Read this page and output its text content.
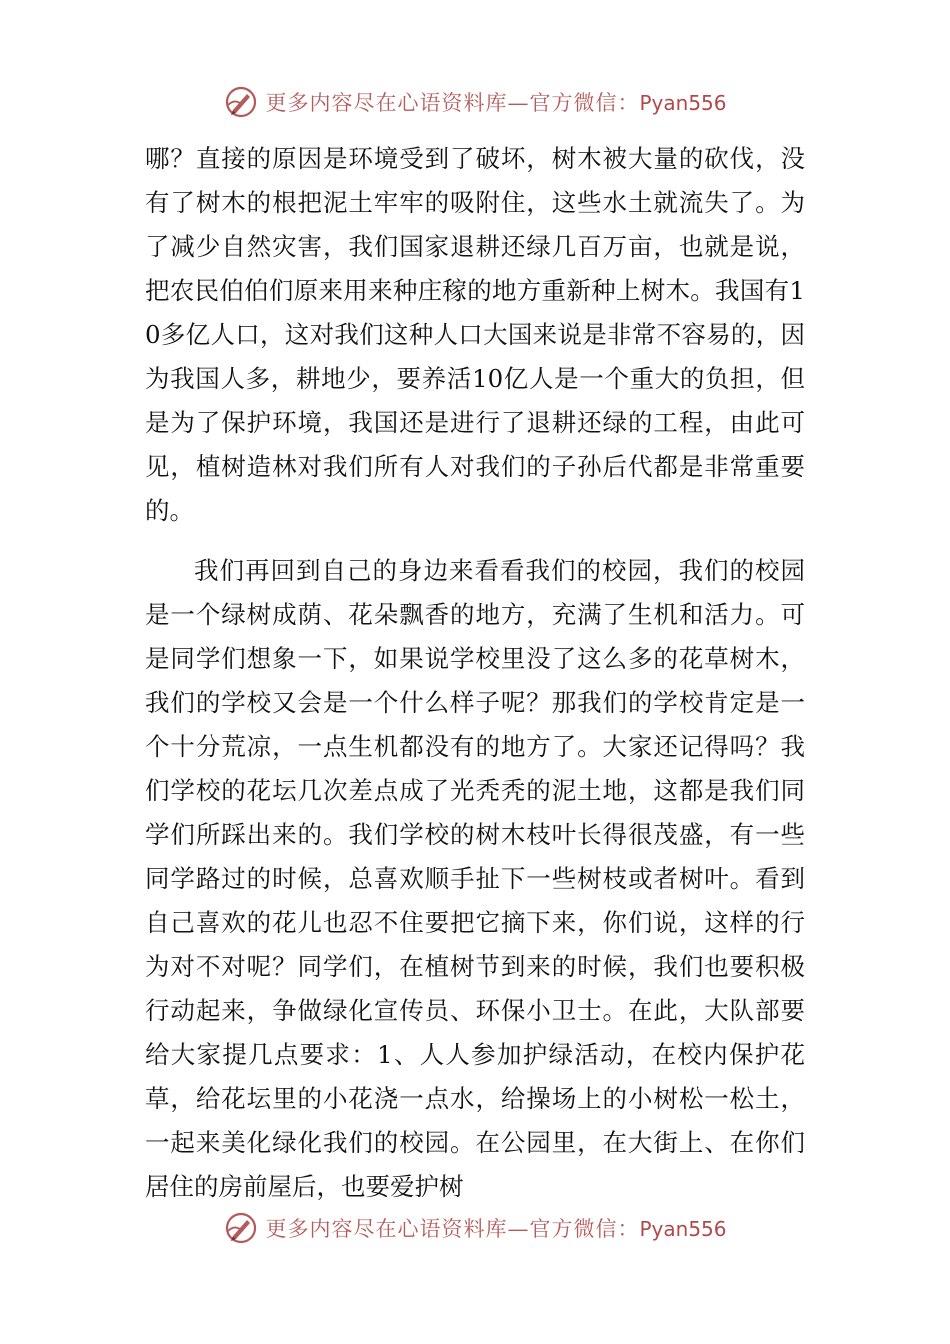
更多内容尽在心语资料库—官方微信：Pyan556

哪？直接的原因是环境受到了破坏，树木被大量的砍伐，没有了树木的根把泥土牢牢的吸附住，这些水土就流失了。为了减少自然灾害，我们国家退耕还绿几百万亩，也就是说，把农民伯伯们原来用来种庄稼的地方重新种上树木。我国有10多亿人口，这对我们这种人口大国来说是非常不容易的，因为我国人多，耕地少，要养活10亿人是一个重大的负担，但是为了保护环境，我国还是进行了退耕还绿的工程，由此可见，植树造林对我们所有人对我们的子孙后代都是非常重要的。

我们再回到自己的身边来看看我们的校园，我们的校园是一个绿树成荫、花朵飘香的地方，充满了生机和活力。可是同学们想象一下，如果说学校里没了这么多的花草树木，我们的学校又会是一个什么样子呢？那我们的学校肯定是一个十分荒凉，一点生机都没有的地方了。大家还记得吗？我们学校的花坛几次差点成了光秃秃的泥土地，这都是我们同学们所踩出来的。我们学校的树木枝叶长得很茂盛，有一些同学路过的时候，总喜欢顺手扯下一些树枝或者树叶。看到自己喜欢的花儿也忍不住要把它摘下来，你们说，这样的行为对不对呢？同学们，在植树节到来的时候，我们也要积极行动起来，争做绿化宣传员、环保小卫士。在此，大队部要给大家提几点要求：1、人人参加护绿活动，在校内保护花草，给花坛里的小花浇一点水，给操场上的小树松一松土，一起来美化绿化我们的校园。在公园里，在大街上、在你们居住的房前屋后，也要爱护树

更多内容尽在心语资料库—官方微信：Pyan556
